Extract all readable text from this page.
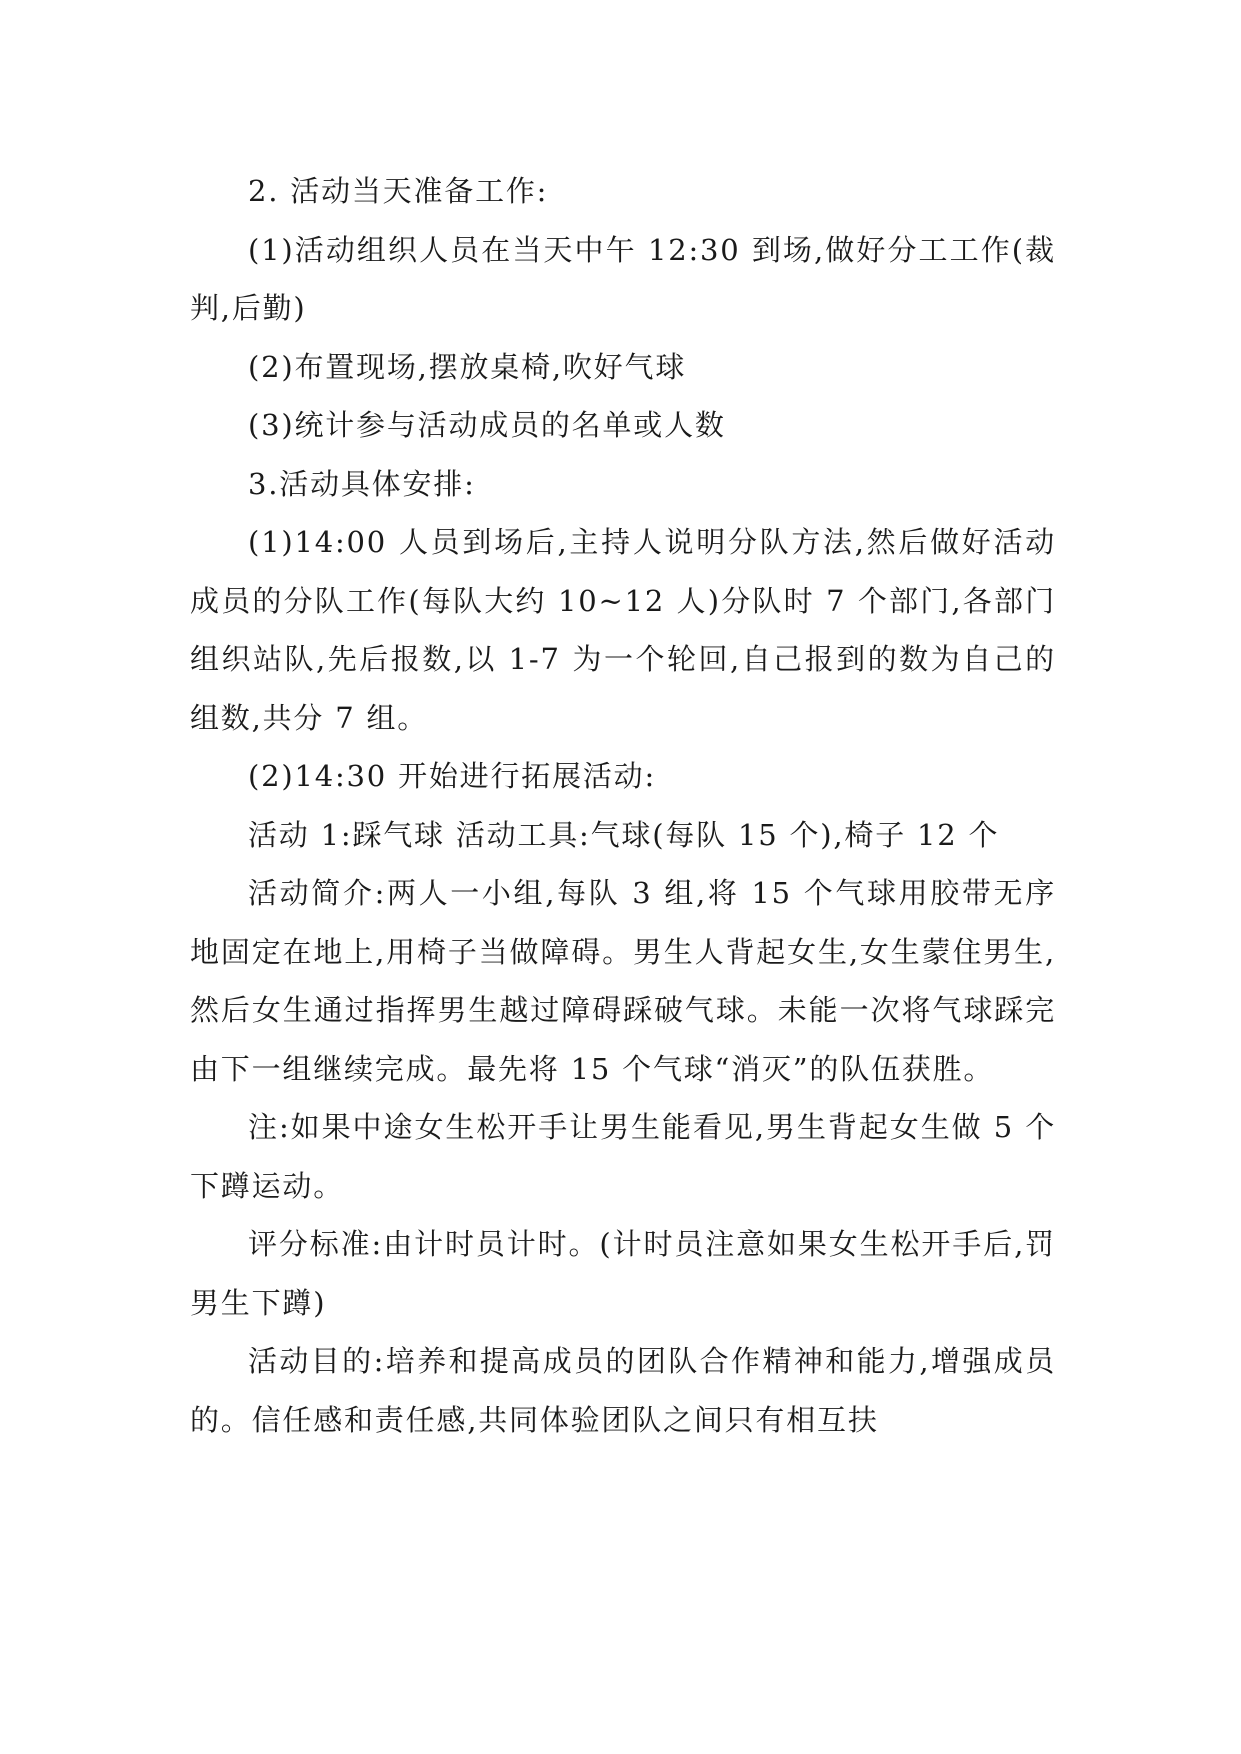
2. 活动当天准备工作:

(1)活动组织人员在当天中午 12:30 到场,做好分工工作(裁判,后勤)

(2)布置现场,摆放桌椅,吹好气球

(3)统计参与活动成员的名单或人数

3.活动具体安排:

(1)14:00 人员到场后,主持人说明分队方法,然后做好活动成员的分队工作(每队大约 10~12 人)分队时 7 个部门,各部门组织站队,先后报数,以 1-7 为一个轮回,自己报到的数为自己的组数,共分 7 组。

(2)14:30 开始进行拓展活动:

活动 1:踩气球 活动工具:气球(每队 15 个),椅子 12 个

活动简介:两人一小组,每队 3 组,将 15 个气球用胶带无序地固定在地上,用椅子当做障碍。男生人背起女生,女生蒙住男生,然后女生通过指挥男生越过障碍踩破气球。未能一次将气球踩完由下一组继续完成。最先将 15 个气球“消灭”的队伍获胜。

注:如果中途女生松开手让男生能看见,男生背起女生做 5 个下蹲运动。

评分标准:由计时员计时。(计时员注意如果女生松开手后,罚男生下蹲)

活动目的:培养和提高成员的团队合作精神和能力,增强成员的。信任感和责任感,共同体验团队之间只有相互扶
